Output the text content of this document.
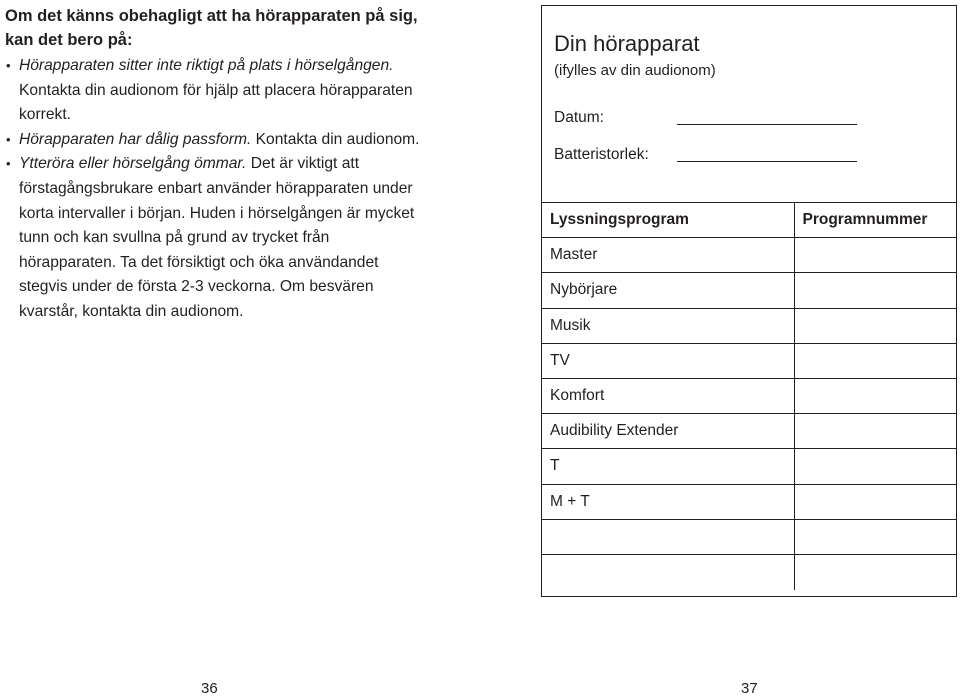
Om det känns obehagligt att ha hörapparaten på sig, kan det bero på:
• Hörapparaten sitter inte riktigt på plats i hörselgången. Kontakta din audionom för hjälp att placera hörapparaten korrekt.
• Hörapparaten har dålig passform. Kontakta din audionom.
• Ytteröra eller hörselgång ömmar. Det är viktigt att förstagångsbrukare enbart använder hörapparaten under korta intervaller i början. Huden i hörselgången är mycket tunn och kan svullna på grund av trycket från hörapparaten. Ta det försiktigt och öka användandet stegvis under de första 2-3 veckorna. Om besvären kvarstår, kontakta din audionom.
Din hörapparat
(ifylles av din audionom)
Datum:
Batteristorlek:
Lyssningsprogram	Programnummer
Master	
Nybörjare	
Musik	
TV	
Komfort	
Audibility Extender	
T	
M + T	

36	37
